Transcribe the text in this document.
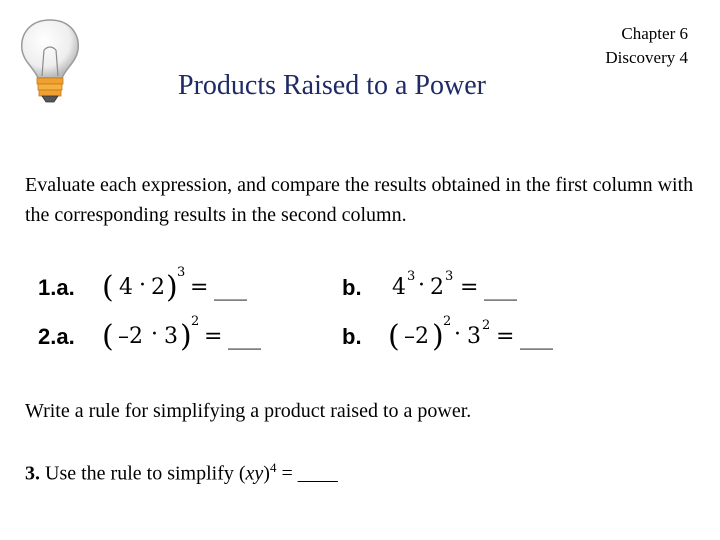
Chapter 6
Discovery 4
Products Raised to a Power
Evaluate each expression, and compare the results obtained in the first column with the corresponding results in the second column.
1.a. ( 4 · 2 ) 3
= ___	b. 4 3 · 2 3 = ___
2.a. ( –2 · 3 ) 2
= ___	b. ( –2 ) 2
· 3 2 = ___
Write a rule for simplifying a product raised to a power.
3. Use the rule to simplify (xy)$^4$ = ____
